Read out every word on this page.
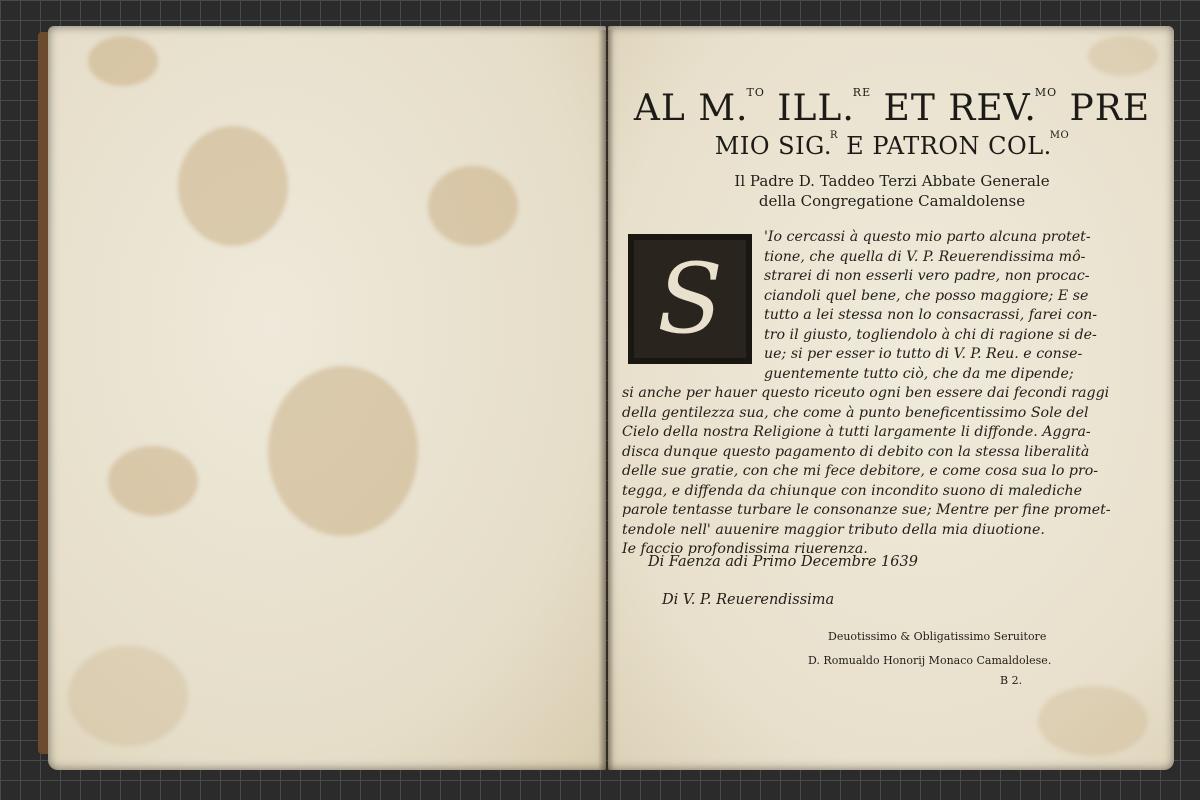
AL M.$^{TO}$ ILL.$^{RE}$ ET REV.$^{MO}$ PRE
MIO SIG.$^R$ E PATRON COL.$^{MO}$
Il Padre D. Taddeo Terzi Abbate Generale
della Congregatione Camaldolense
S

'Io cercassi à questo mio parto alcuna protet-

tione, che quella di V. P. Reuerendissima mô-

strarei di non esserli vero padre, non procac-

ciandoli quel bene, che posso maggiore; E se

tutto a lei stessa non lo consacrassi, farei con-

tro il giusto, togliendolo à chi di ragione si de-

ue; si per esser io tutto di V. P. Reu. e conse-

guentemente tutto ciò, che da me dipende;

si anche per hauer questo riceuto ogni ben essere dai fecondi raggi

della gentilezza sua, che come à punto beneficentissimo Sole del

Cielo della nostra Religione à tutti largamente li diffonde. Aggra-

disca dunque questo pagamento di debito con la stessa liberalità

delle sue gratie, con che mi fece debitore, e come cosa sua lo pro-

tegga, e diffenda da chiunque con incondito suono di malediche

parole tentasse turbare le consonanze sue; Mentre per fine promet-

tendole nell' auuenire maggior tributo della mia diuotione.

Ie faccio profondissima riuerenza.

Di Faenza adi Primo Decembre 1639
Di V. P. Reuerendissima
Deuotissimo & Obligatissimo Seruitore
D. Romualdo Honorij Monaco Camaldolese.
B 2.
